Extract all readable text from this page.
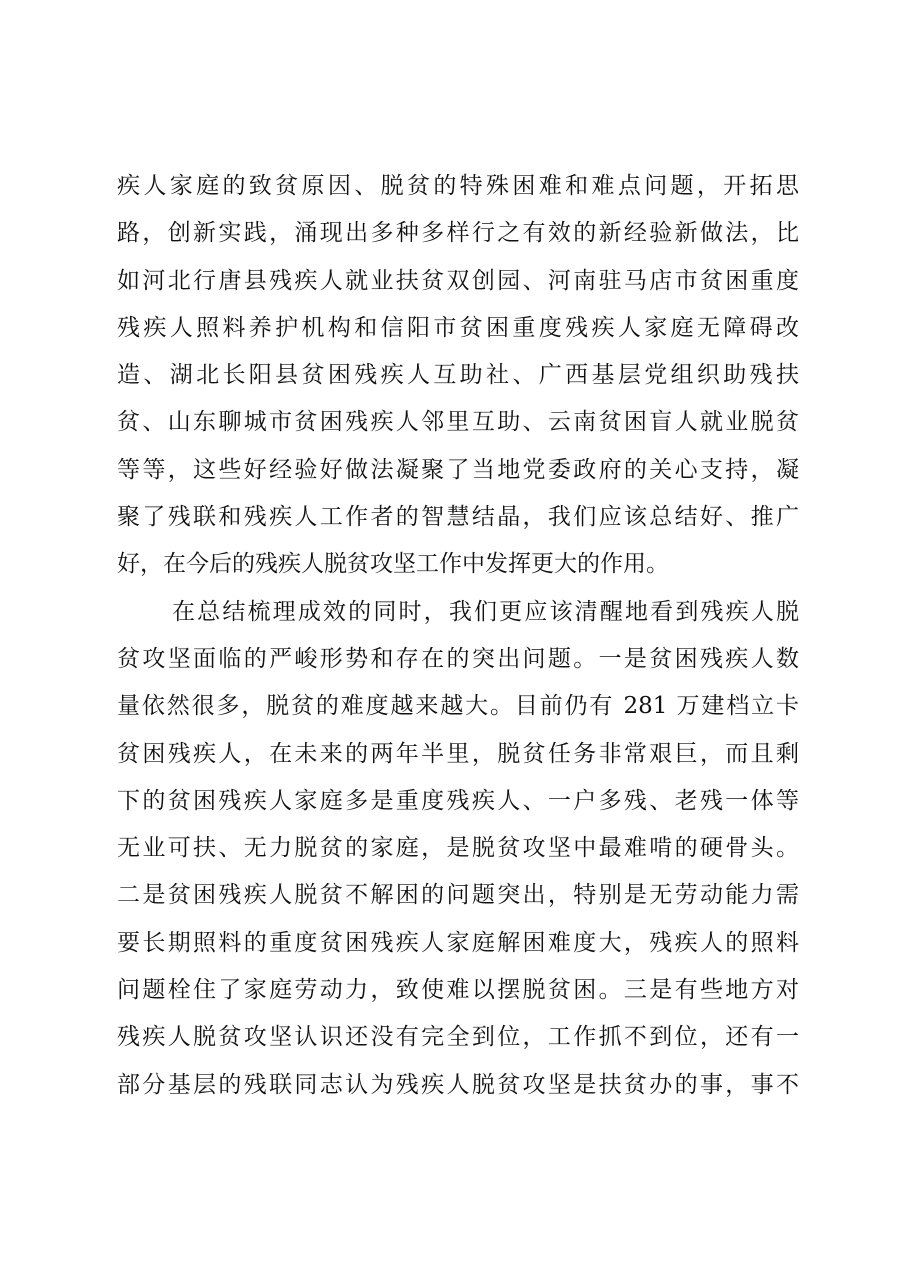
疾人家庭的致贫原因、脱贫的特殊困难和难点问题，开拓思
路，创新实践，涌现出多种多样行之有效的新经验新做法，比
如河北行唐县残疾人就业扶贫双创园、河南驻马店市贫困重度
残疾人照料养护机构和信阳市贫困重度残疾人家庭无障碍改
造、湖北长阳县贫困残疾人互助社、广西基层党组织助残扶
贫、山东聊城市贫困残疾人邻里互助、云南贫困盲人就业脱贫
等等，这些好经验好做法凝聚了当地党委政府的关心支持，凝
聚了残联和残疾人工作者的智慧结晶，我们应该总结好、推广
好，在今后的残疾人脱贫攻坚工作中发挥更大的作用。
在总结梳理成效的同时，我们更应该清醒地看到残疾人脱
贫攻坚面临的严峻形势和存在的突出问题。一是贫困残疾人数
量依然很多，脱贫的难度越来越大。目前仍有 281 万建档立卡
贫困残疾人，在未来的两年半里，脱贫任务非常艰巨，而且剩
下的贫困残疾人家庭多是重度残疾人、一户多残、老残一体等
无业可扶、无力脱贫的家庭，是脱贫攻坚中最难啃的硬骨头。
二是贫困残疾人脱贫不解困的问题突出，特别是无劳动能力需
要长期照料的重度贫困残疾人家庭解困难度大，残疾人的照料
问题栓住了家庭劳动力，致使难以摆脱贫困。三是有些地方对
残疾人脱贫攻坚认识还没有完全到位，工作抓不到位，还有一
部分基层的残联同志认为残疾人脱贫攻坚是扶贫办的事，事不
